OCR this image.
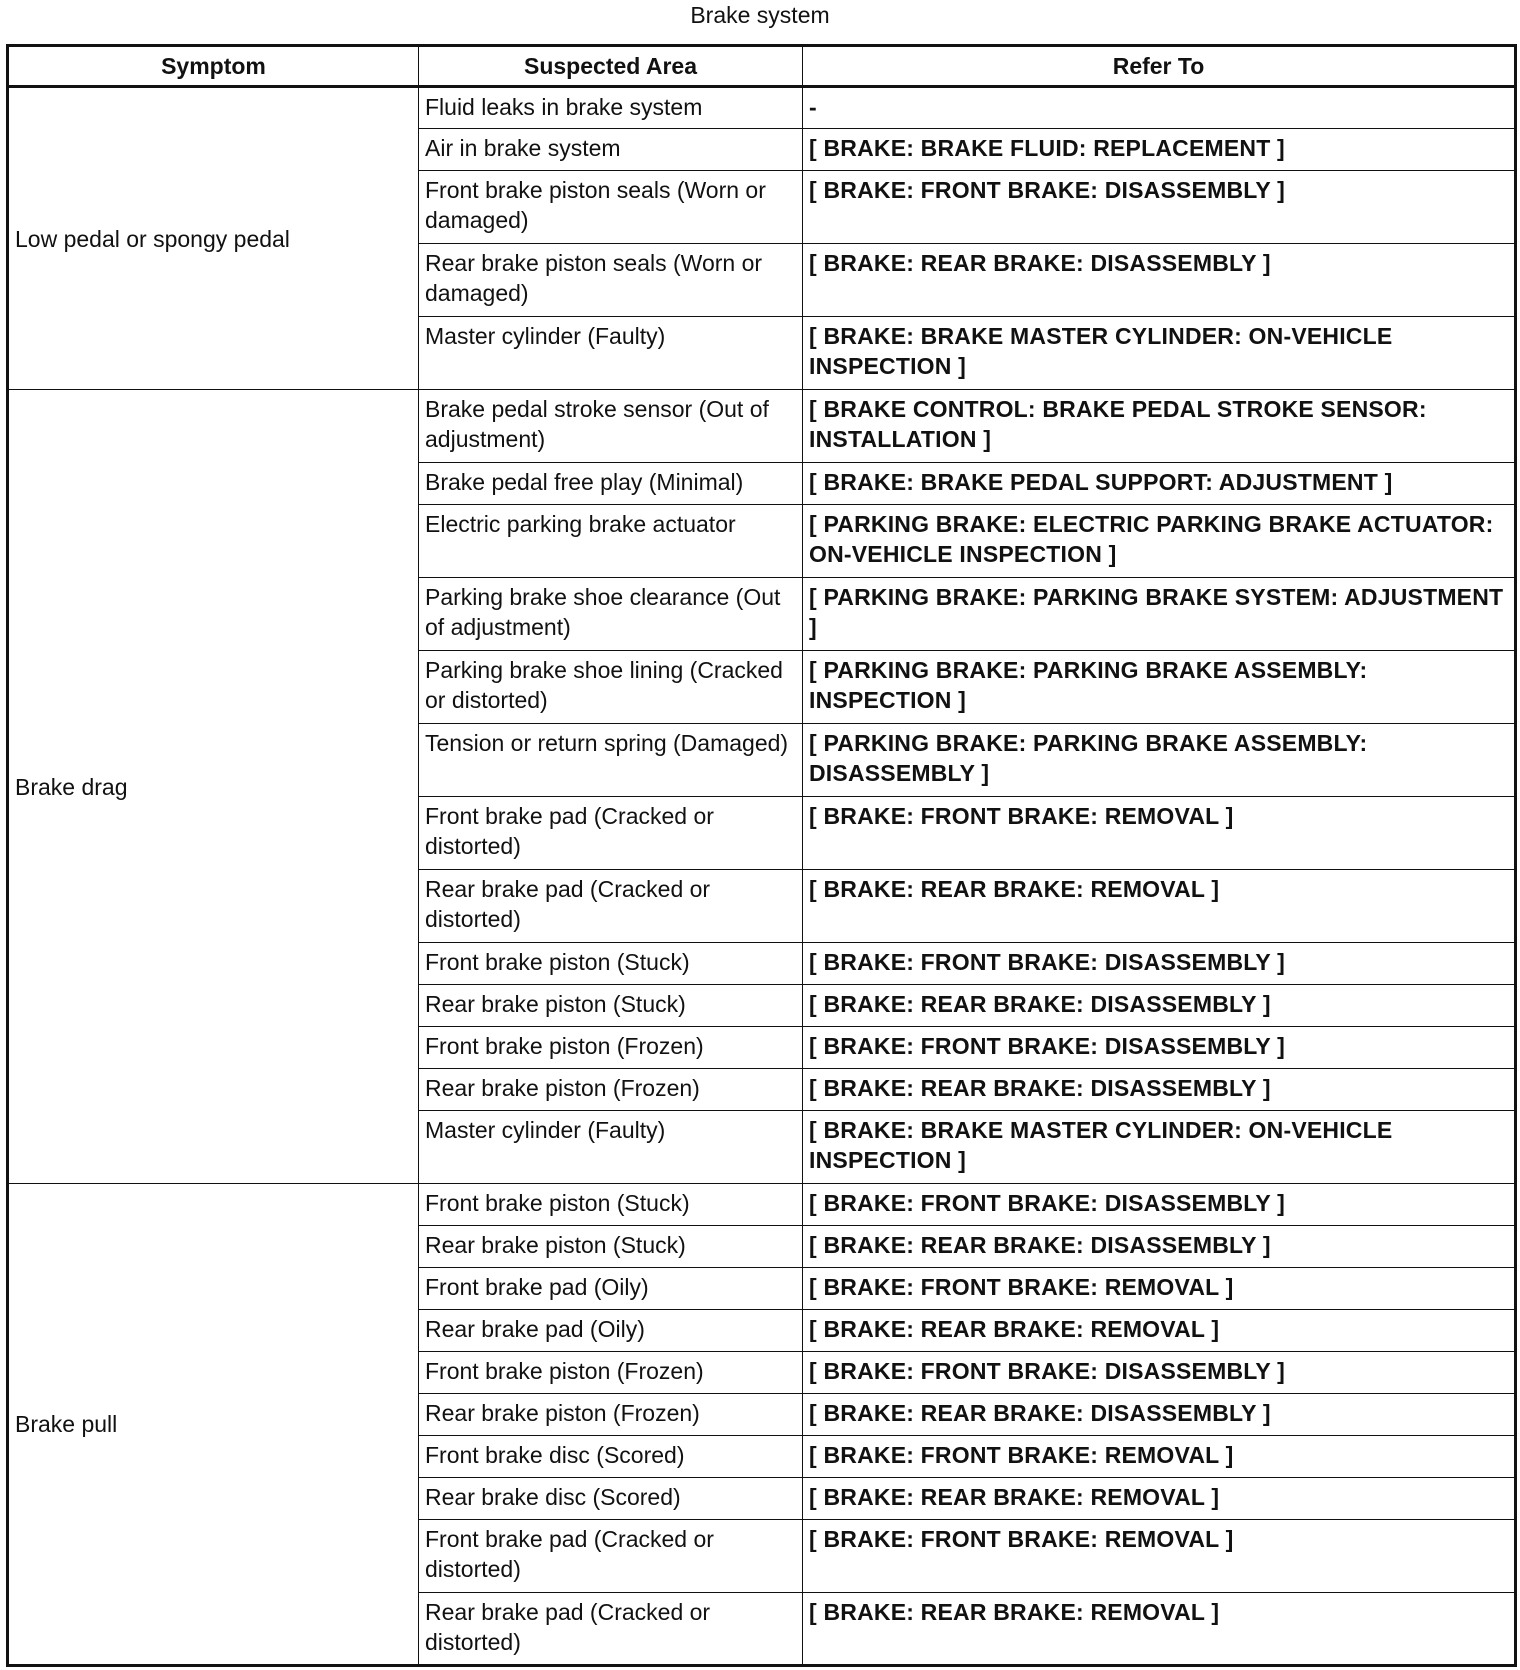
Brake system
Symptom	Suspected Area	Refer To
Low pedal or spongy pedal	Fluid leaks in brake system	-
	Air in brake system	[ BRAKE: BRAKE FLUID: REPLACEMENT ]
	Front brake piston seals (Worn or damaged)	[ BRAKE: FRONT BRAKE: DISASSEMBLY ]
	Rear brake piston seals (Worn or damaged)	[ BRAKE: REAR BRAKE: DISASSEMBLY ]
	Master cylinder (Faulty)	[ BRAKE: BRAKE MASTER CYLINDER: ON-VEHICLE INSPECTION ]
Brake drag	Brake pedal stroke sensor (Out of adjustment)	[ BRAKE CONTROL: BRAKE PEDAL STROKE SENSOR: INSTALLATION ]
	Brake pedal free play (Minimal)	[ BRAKE: BRAKE PEDAL SUPPORT: ADJUSTMENT ]
	Electric parking brake actuator	[ PARKING BRAKE: ELECTRIC PARKING BRAKE ACTUATOR: ON-VEHICLE INSPECTION ]
	Parking brake shoe clearance (Out of adjustment)	[ PARKING BRAKE: PARKING BRAKE SYSTEM: ADJUSTMENT ]
	Parking brake shoe lining (Cracked or distorted)	[ PARKING BRAKE: PARKING BRAKE ASSEMBLY: INSPECTION ]
	Tension or return spring (Damaged)	[ PARKING BRAKE: PARKING BRAKE ASSEMBLY: DISASSEMBLY ]
	Front brake pad (Cracked or distorted)	[ BRAKE: FRONT BRAKE: REMOVAL ]
	Rear brake pad (Cracked or distorted)	[ BRAKE: REAR BRAKE: REMOVAL ]
	Front brake piston (Stuck)	[ BRAKE: FRONT BRAKE: DISASSEMBLY ]
	Rear brake piston (Stuck)	[ BRAKE: REAR BRAKE: DISASSEMBLY ]
	Front brake piston (Frozen)	[ BRAKE: FRONT BRAKE: DISASSEMBLY ]
	Rear brake piston (Frozen)	[ BRAKE: REAR BRAKE: DISASSEMBLY ]
	Master cylinder (Faulty)	[ BRAKE: BRAKE MASTER CYLINDER: ON-VEHICLE INSPECTION ]
Brake pull	Front brake piston (Stuck)	[ BRAKE: FRONT BRAKE: DISASSEMBLY ]
	Rear brake piston (Stuck)	[ BRAKE: REAR BRAKE: DISASSEMBLY ]
	Front brake pad (Oily)	[ BRAKE: FRONT BRAKE: REMOVAL ]
	Rear brake pad (Oily)	[ BRAKE: REAR BRAKE: REMOVAL ]
	Front brake piston (Frozen)	[ BRAKE: FRONT BRAKE: DISASSEMBLY ]
	Rear brake piston (Frozen)	[ BRAKE: REAR BRAKE: DISASSEMBLY ]
	Front brake disc (Scored)	[ BRAKE: FRONT BRAKE: REMOVAL ]
	Rear brake disc (Scored)	[ BRAKE: REAR BRAKE: REMOVAL ]
	Front brake pad (Cracked or distorted)	[ BRAKE: FRONT BRAKE: REMOVAL ]
	Rear brake pad (Cracked or distorted)	[ BRAKE: REAR BRAKE: REMOVAL ]
